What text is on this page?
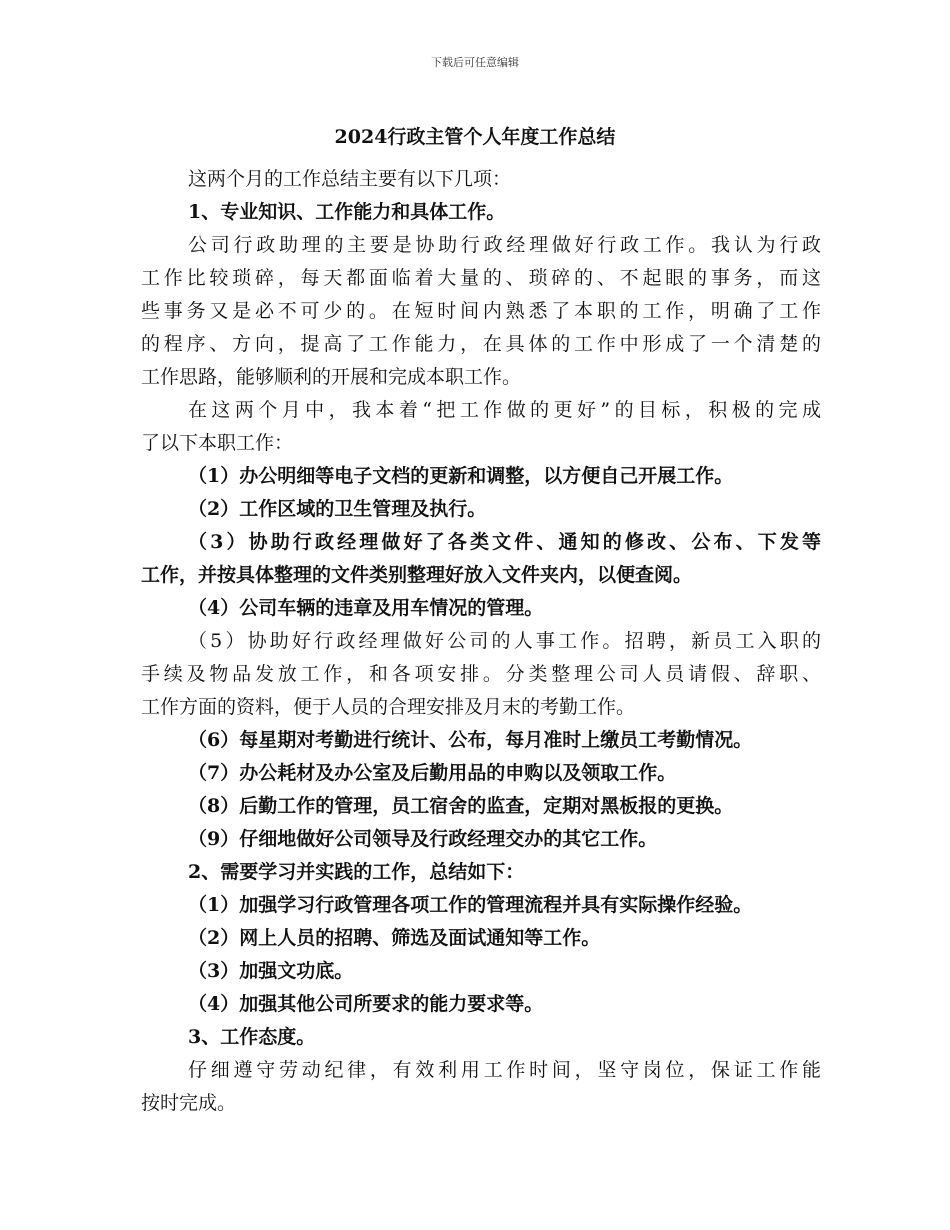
下载后可任意编辑
2024行政主管个人年度工作总结
这两个月的工作总结主要有以下几项：
1、专业知识、工作能力和具体工作。
公司行政助理的主要是协助行政经理做好行政工作。我认为行政
工作比较琐碎，每天都面临着大量的、琐碎的、不起眼的事务，而这
些事务又是必不可少的。在短时间内熟悉了本职的工作，明确了工作
的程序、方向，提高了工作能力，在具体的工作中形成了一个清楚的
工作思路，能够顺利的开展和完成本职工作。
在这两个月中，我本着“把工作做的更好”的目标，积极的完成
了以下本职工作：
（1）办公明细等电子文档的更新和调整，以方便自己开展工作。
（2）工作区域的卫生管理及执行。
（3）协助行政经理做好了各类文件、通知的修改、公布、下发等
工作，并按具体整理的文件类别整理好放入文件夹内，以便查阅。
（4）公司车辆的违章及用车情况的管理。
（5）协助好行政经理做好公司的人事工作。招聘，新员工入职的
手续及物品发放工作，和各项安排。分类整理公司人员请假、辞职、
工作方面的资料，便于人员的合理安排及月末的考勤工作。
（6）每星期对考勤进行统计、公布，每月准时上缴员工考勤情况。
（7）办公耗材及办公室及后勤用品的申购以及领取工作。
（8）后勤工作的管理，员工宿舍的监查，定期对黑板报的更换。
（9）仔细地做好公司领导及行政经理交办的其它工作。
2、需要学习并实践的工作，总结如下：
（1）加强学习行政管理各项工作的管理流程并具有实际操作经验。
（2）网上人员的招聘、筛选及面试通知等工作。
（3）加强文功底。
（4）加强其他公司所要求的能力要求等。
3、工作态度。
仔细遵守劳动纪律，有效利用工作时间，坚守岗位，保证工作能
按时完成。
